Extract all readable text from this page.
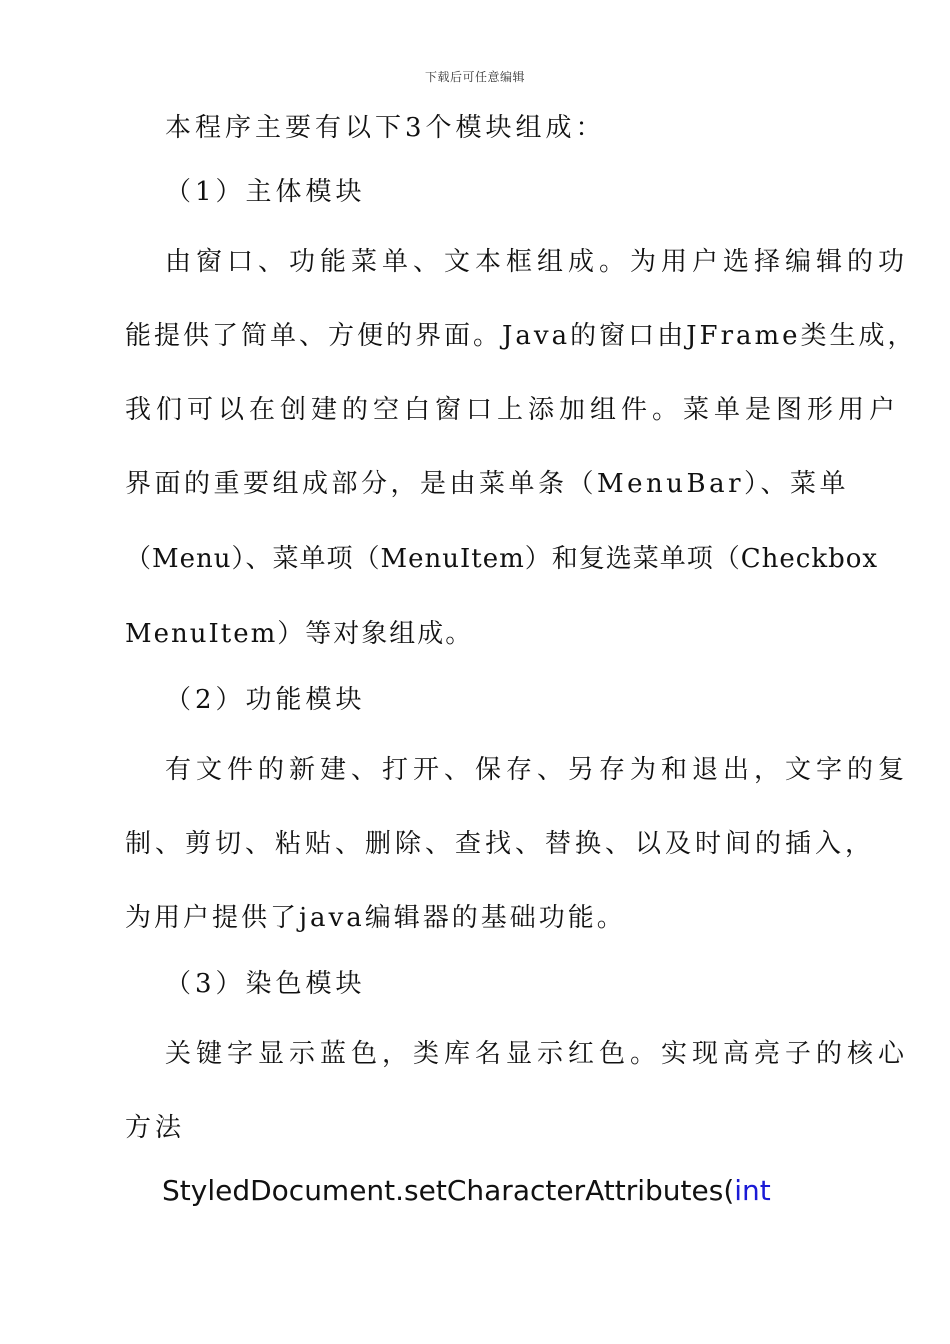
下载后可任意编辑
本程序主要有以下3个模块组成：
（1）主体模块
由窗口、功能菜单、文本框组成。为用户选择编辑的功
能提供了简单、方便的界面。Java的窗口由JFrame类生成，
我们可以在创建的空白窗口上添加组件。菜单是图形用户
界面的重要组成部分，是由菜单条（MenuBar）、菜单
（Menu）、菜单项（MenuItem）和复选菜单项（Checkbox
MenuItem）等对象组成。
（2）功能模块
有文件的新建、打开、保存、另存为和退出，文字的复
制、剪切、粘贴、删除、查找、替换、以及时间的插入，
为用户提供了java编辑器的基础功能。
（3）染色模块
关键字显示蓝色，类库名显示红色。实现高亮子的核心
方法
StyledDocument.setCharacterAttributes(int
